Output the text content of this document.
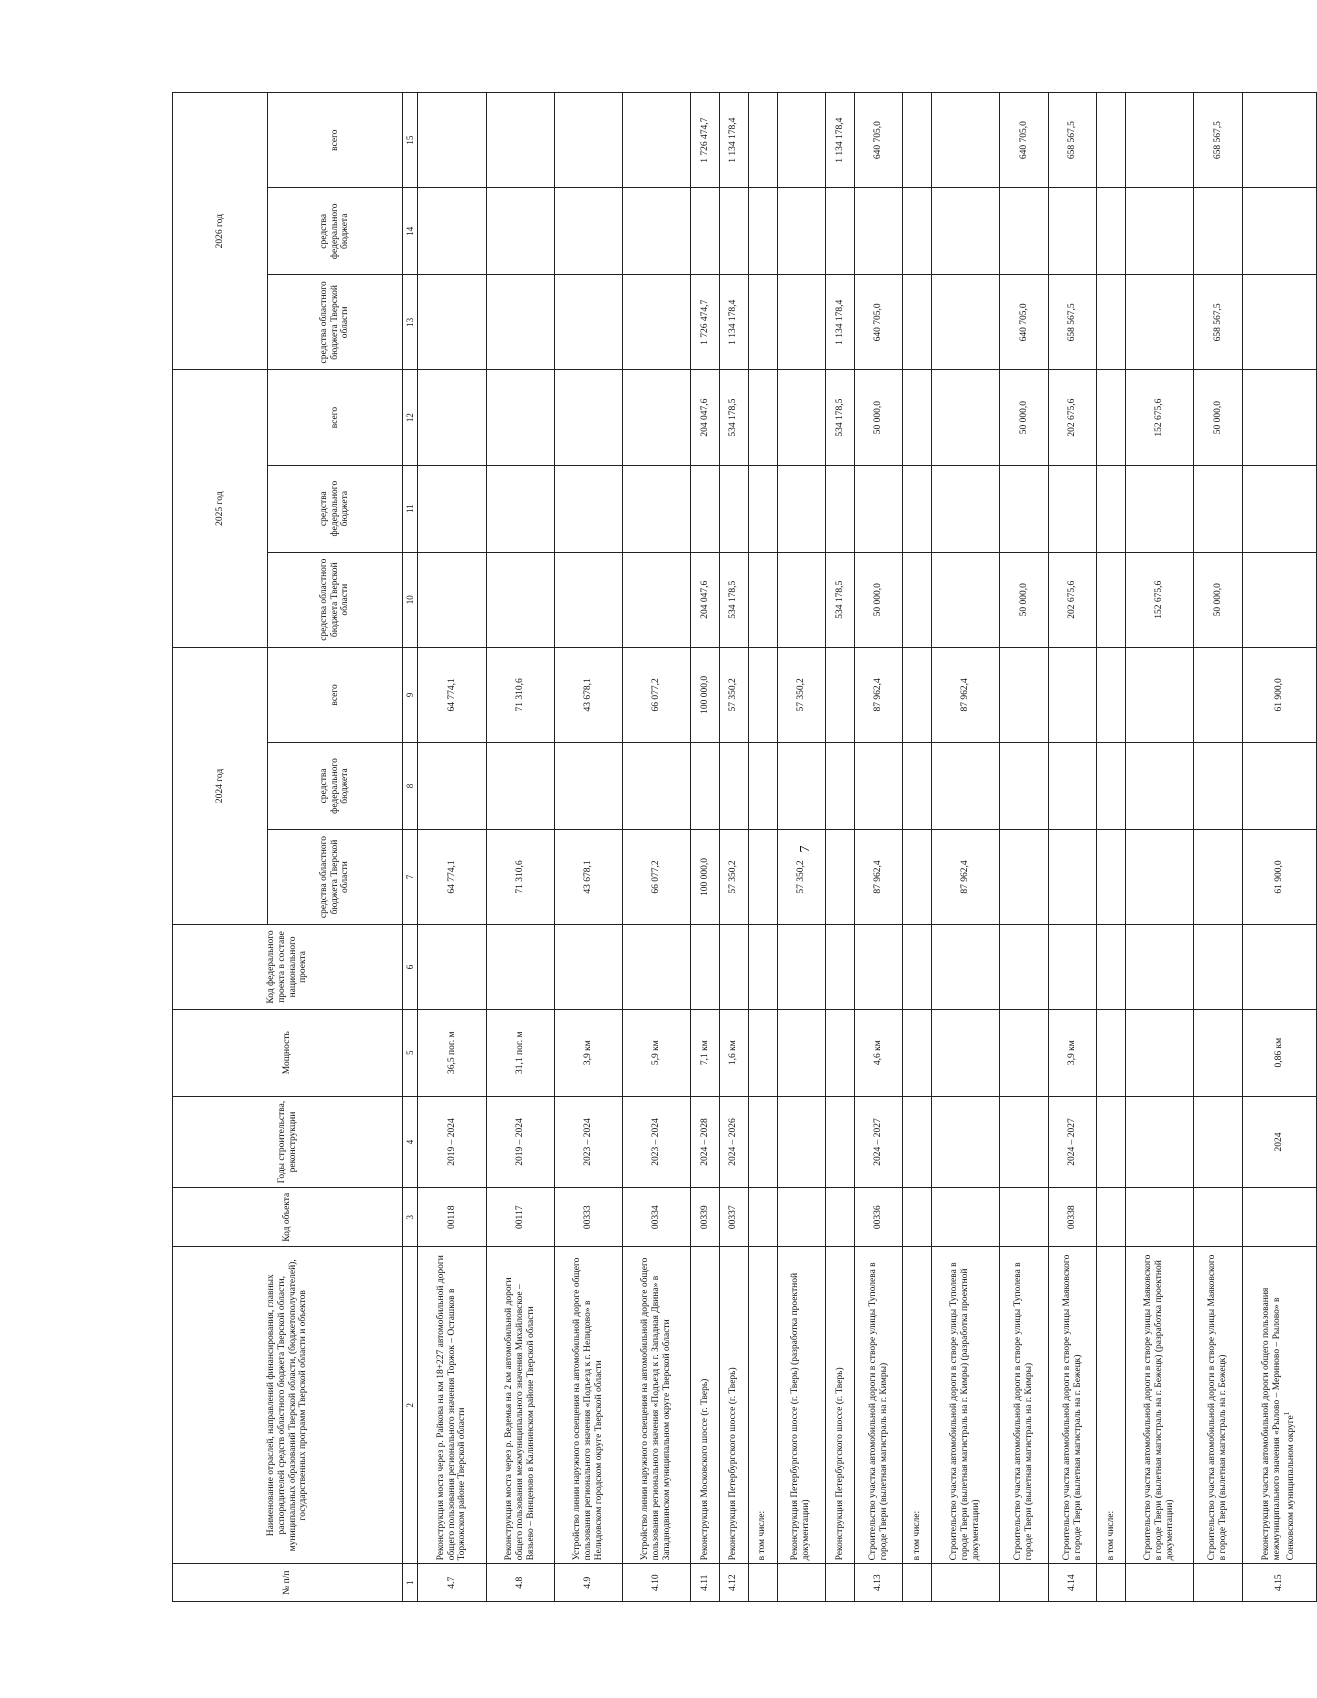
7
№ п/п	Наименование отраслей, направлений финансирования, главных распорядителей средств областного бюджета Тверской области, муниципальных образований Тверской области, (бюджетополучателей), государственных программ Тверской области и объектов	Код объекта	Годы строительства, реконструкции	Мощность	Код федерального проекта в составе национального проекта	2024 год			2025 год			2026 год		
						средства областного бюджета Тверской области	средства федерального бюджета	всего	средства областного бюджета Тверской области	средства федерального бюджета	всего	средства областного бюджета Тверской области	средства федерального бюджета	всего
1	2	3	4	5	6	7	8	9	10	11	12	13	14	15
4.7	Реконструкция моста через р. Райкова на км 18+227 автомобильной дороги общего пользования регионального значения Торжок – Осташков в Торжокском районе Тверской области	00118	2019 – 2024	36,5 пог. м		64 774,1		64 774,1						
4.8	Реконструкция моста через р. Ведемья на 2 км автомобильной дороги общего пользования межмуниципального значения Михайловское – Вязьево – Винценово в Калининском районе Тверской области	00117	2019 – 2024	31,1 пог. м		71 310,6		71 310,6						
4.9	Устройство линии наружного освещения на автомобильной дороге общего пользования регионального значения «Подъезд к г. Нелидово» в Нелидовском городском округе Тверской области	00333	2023 – 2024	3,9 км		43 678,1		43 678,1						
4.10	Устройство линии наружного освещения на автомобильной дороге общего пользования регионального значения «Подъезд к г. Западная Двина» в Западнодвинском муниципальном округе Тверской области	00334	2023 – 2024	5,9 км		66 077,2		66 077,2						
4.11	Реконструкция Московского шоссе (г. Тверь)	00339	2024 – 2028	7,1 км		100 000,0		100 000,0	204 047,6		204 047,6	1 726 474,7		1 726 474,7
4.12	Реконструкция Петербургского шоссе (г. Тверь)	00337	2024 – 2026	1,6 км		57 350,2		57 350,2	534 178,5		534 178,5	1 134 178,4		1 134 178,4
	в том числе:													
	Реконструкция Петербургского шоссе (г. Тверь) (разработка проектной документации)					57 350,2		57 350,2						
	Реконструкция Петербургского шоссе (г. Тверь)								534 178,5		534 178,5	1 134 178,4		1 134 178,4
4.13	Строительство участка автомобильной дороги в створе улицы Туполева в городе Твери (вылетная магистраль на г. Кимры)	00336	2024 – 2027	4,6 км		87 962,4		87 962,4	50 000,0		50 000,0	640 705,0		640 705,0
	в том числе:													
	Строительство участка автомобильной дороги в створе улицы Туполева в городе Твери (вылетная магистраль на г. Кимры) (разработка проектной документации)					87 962,4		87 962,4						
	Строительство участка автомобильной дороги в створе улицы Туполева в городе Твери (вылетная магистраль на г. Кимры)								50 000,0		50 000,0	640 705,0		640 705,0
4.14	Строительство участка автомобильной дороги в створе улицы Маяковского в городе Твери (вылетная магистраль на г. Бежецк)	00338	2024 – 2027	3,9 км					202 675,6		202 675,6	658 567,5		658 567,5
	в том числе:													
	Строительство участка автомобильной дороги в створе улицы Маяковского в городе Твери (вылетная магистраль на г. Бежецк) (разработка проектной документации)								152 675,6		152 675,6			
	Строительство участка автомобильной дороги в створе улицы Маяковского в городе Твери (вылетная магистраль на г. Бежецк)								50 000,0		50 000,0	658 567,5		658 567,5
4.15	Реконструкция участка автомобильной дороги общего пользования межмуниципального значения «Рылово – Мериново – Рылово» в Сонковском муниципальном округе$^1$		2024	0,86 км		61 900,0		61 900,0						
